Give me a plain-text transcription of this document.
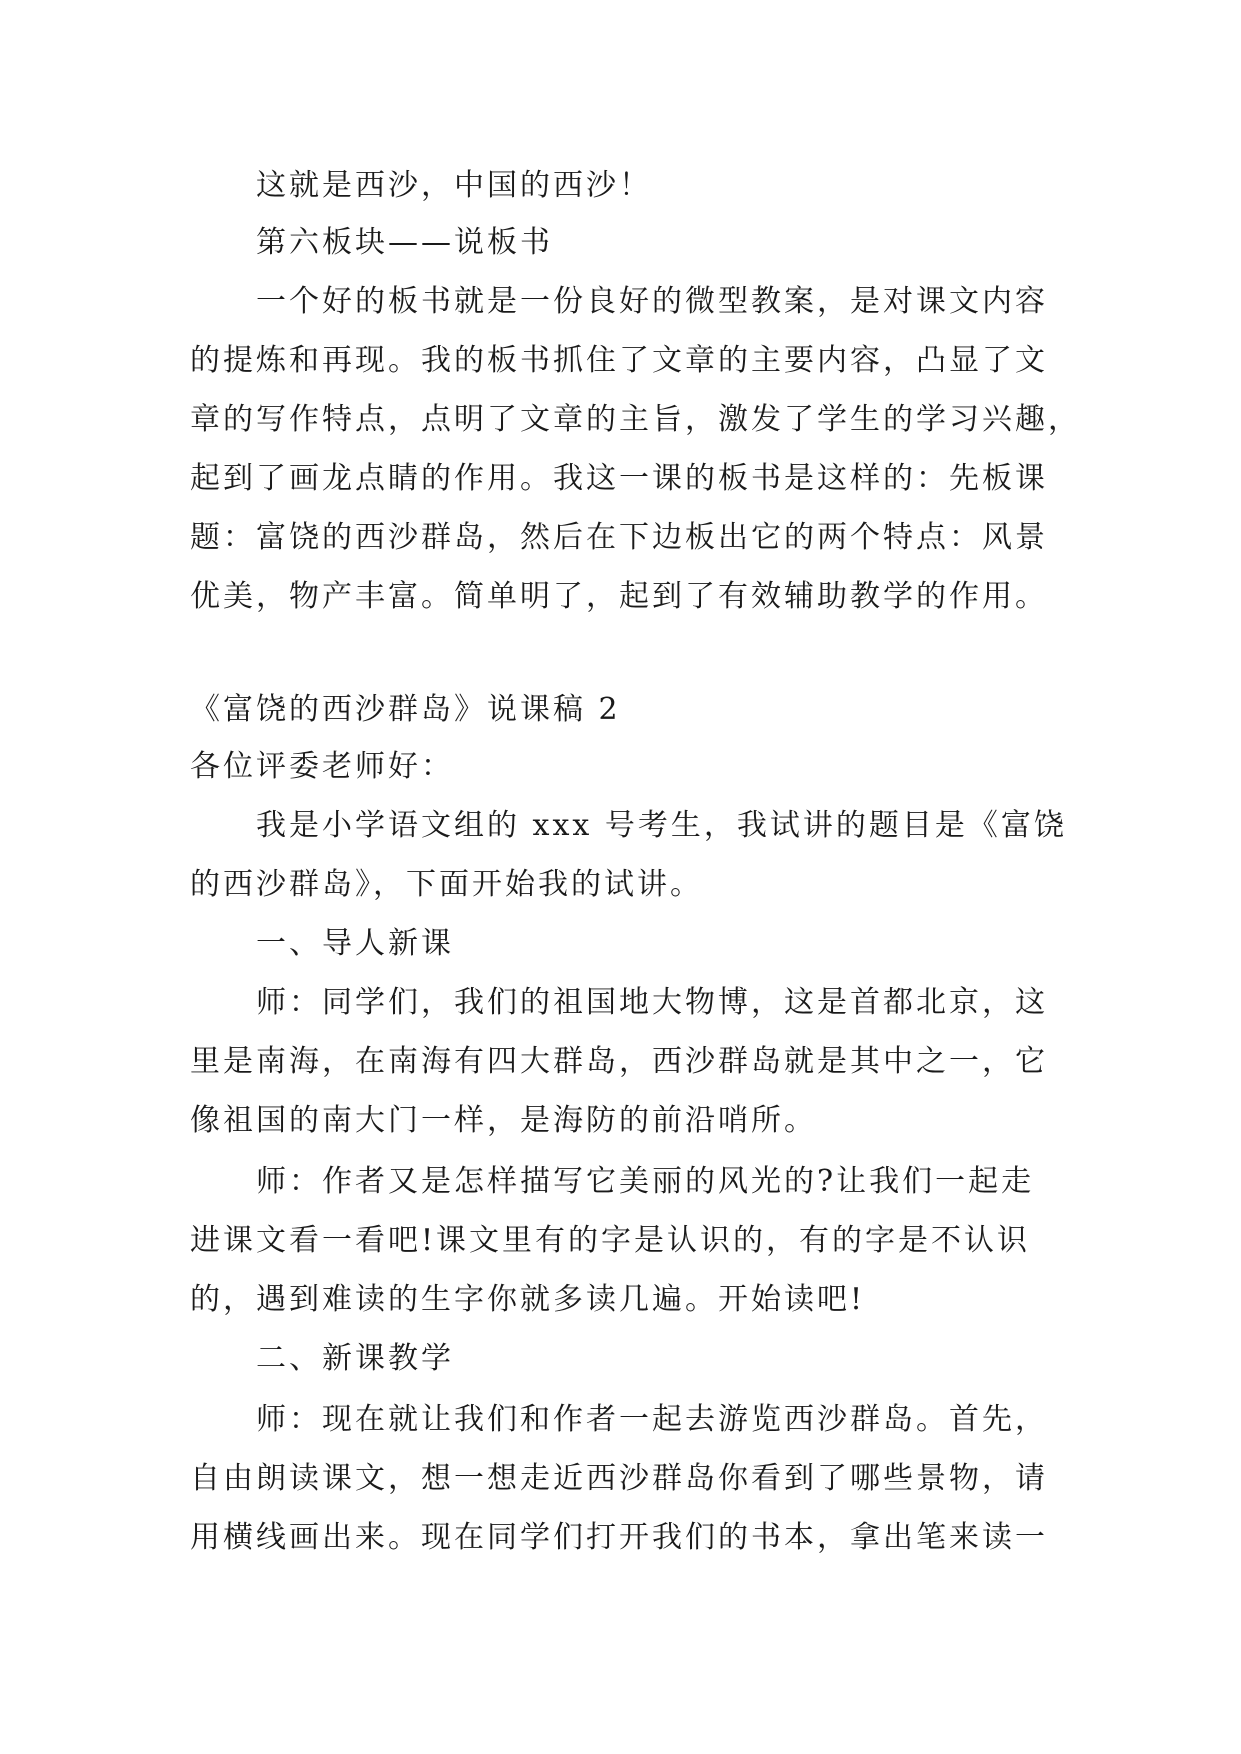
这就是西沙，中国的西沙！
第六板块——说板书
一个好的板书就是一份良好的微型教案，是对课文内容
的提炼和再现。我的板书抓住了文章的主要内容，凸显了文
章的写作特点，点明了文章的主旨，激发了学生的学习兴趣，
起到了画龙点睛的作用。我这一课的板书是这样的：先板课
题：富饶的西沙群岛，然后在下边板出它的两个特点：风景
优美，物产丰富。简单明了，起到了有效辅助教学的作用。
《富饶的西沙群岛》说课稿 2
各位评委老师好：
我是小学语文组的 xxx 号考生，我试讲的题目是《富饶
的西沙群岛》，下面开始我的试讲。
一、导人新课
师：同学们，我们的祖国地大物博，这是首都北京，这
里是南海，在南海有四大群岛，西沙群岛就是其中之一，它
像祖国的南大门一样，是海防的前沿哨所。
师：作者又是怎样描写它美丽的风光的?让我们一起走
进课文看一看吧!课文里有的字是认识的，有的字是不认识
的，遇到难读的生字你就多读几遍。开始读吧!
二、新课教学
师：现在就让我们和作者一起去游览西沙群岛。首先，
自由朗读课文，想一想走近西沙群岛你看到了哪些景物，请
用横线画出来。现在同学们打开我们的书本，拿出笔来读一
